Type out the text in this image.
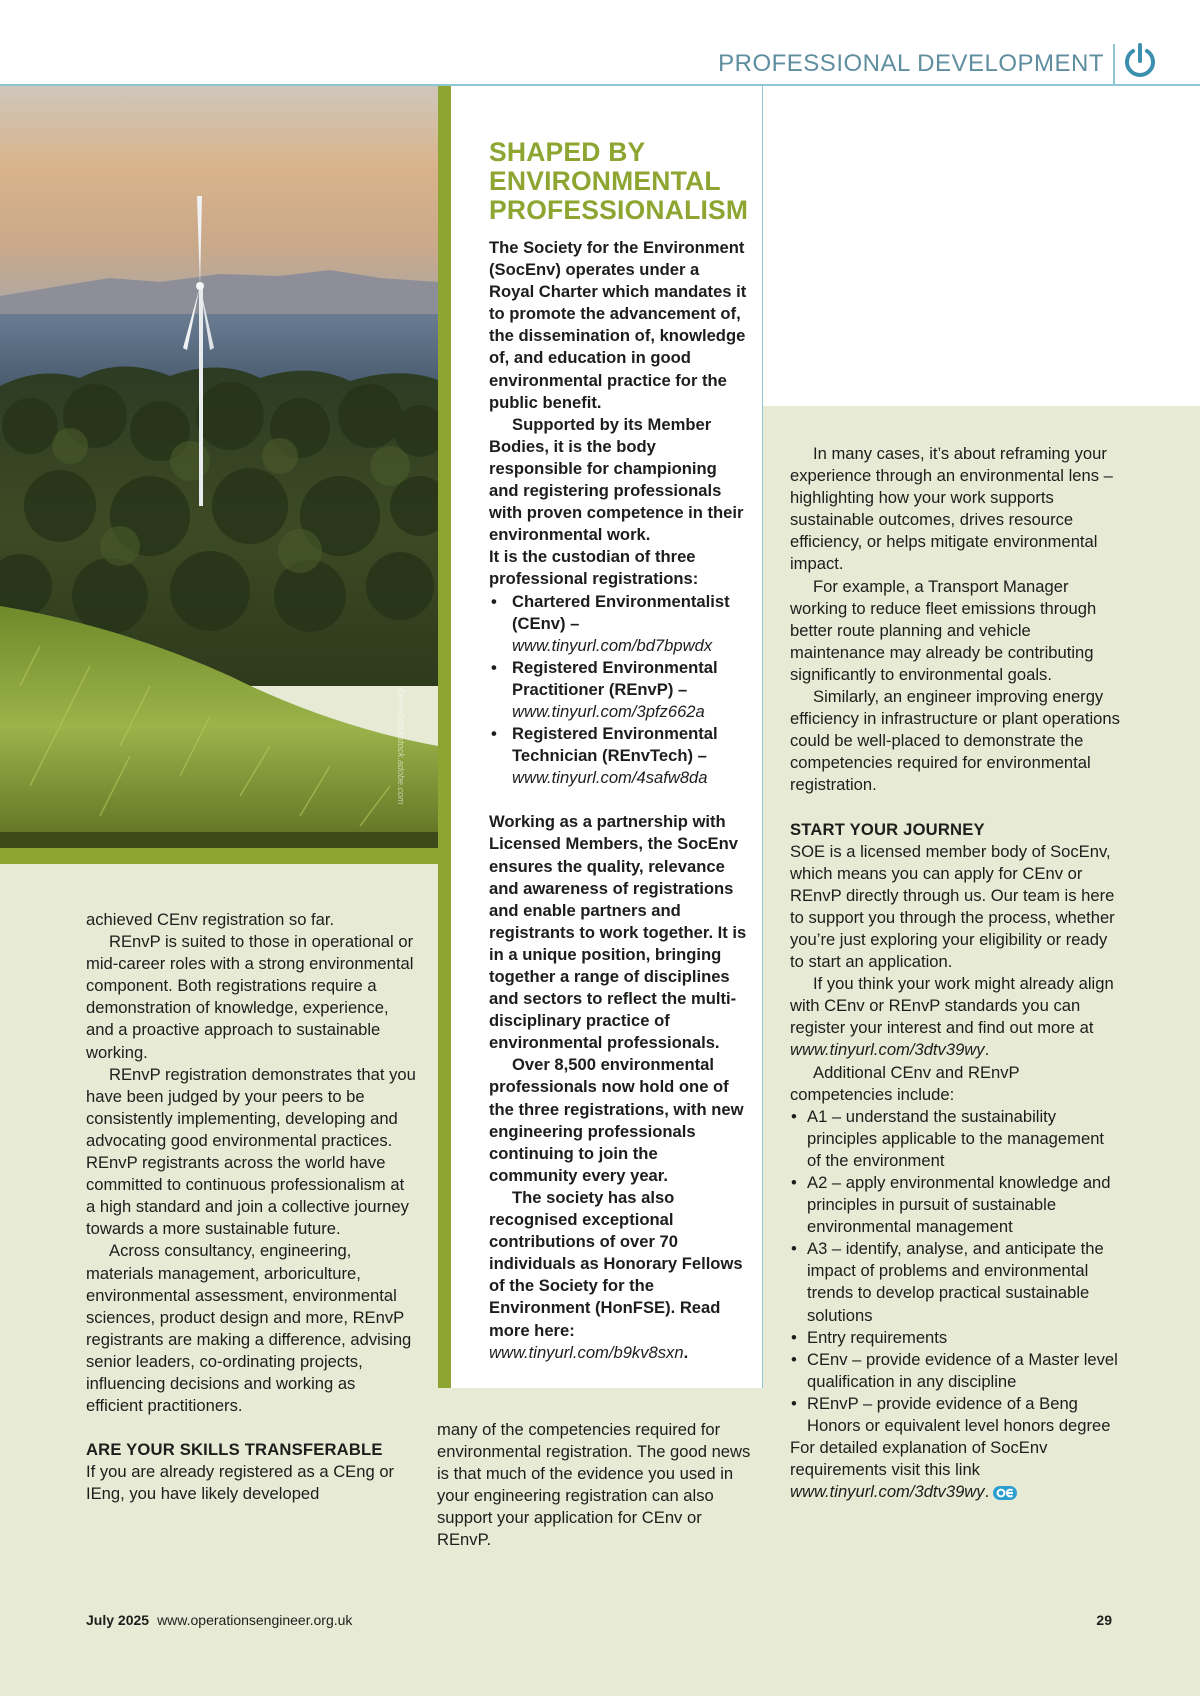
PROFESSIONAL DEVELOPMENT
EmmaStockstock.adobe.com
SHAPED BY
ENVIRONMENTAL
PROFESSIONALISM

The Society for the Environment (SocEnv) operates under a Royal Charter which mandates it to promote the advancement of, the dissemination of, knowledge of, and education in good environmental practice for the public benefit.

Supported by its Member Bodies, it is the body responsible for championing and registering professionals with proven competence in their environmental work.

It is the custodian of three professional registrations:

• Chartered Environmentalist (CEnv) – www.tinyurl.com/bd7bpwdx
• Registered Environmental Practitioner (REnvP) – www.tinyurl.com/3pfz662a
• Registered Environmental Technician (REnvTech) – www.tinyurl.com/4safw8da

Working as a partnership with Licensed Members, the SocEnv ensures the quality, relevance and awareness of registrations and enable partners and registrants to work together. It is in a unique position, bringing together a range of disciplines and sectors to reflect the multi-disciplinary practice of environmental professionals.

Over 8,500 environmental professionals now hold one of the three registrations, with new engineering professionals continuing to join the community every year.

The society has also recognised exceptional contributions of over 70 individuals as Honorary Fellows of the Society for the Environment (HonFSE). Read more here: www.tinyurl.com/b9kv8sxn.

many of the competencies required for environmental registration. The good news is that much of the evidence you used in your engineering registration can also support your application for CEnv or REnvP.

achieved CEnv registration so far.

REnvP is suited to those in operational or mid-career roles with a strong environmental component. Both registrations require a demonstration of knowledge, experience, and a proactive approach to sustainable working.

REnvP registration demonstrates that you have been judged by your peers to be consistently implementing, developing and advocating good environmental practices. REnvP registrants across the world have committed to continuous professionalism at a high standard and join a collective journey towards a more sustainable future.

Across consultancy, engineering, materials management, arboriculture, environmental assessment, environmental sciences, product design and more, REnvP registrants are making a difference, advising senior leaders, co-ordinating projects, influencing decisions and working as efficient practitioners.

ARE YOUR SKILLS TRANSFERABLE

If you are already registered as a CEng or IEng, you have likely developed

In many cases, it’s about reframing your experience through an environmental lens – highlighting how your work supports sustainable outcomes, drives resource efficiency, or helps mitigate environmental impact.

For example, a Transport Manager working to reduce fleet emissions through better route planning and vehicle maintenance may already be contributing significantly to environmental goals.

Similarly, an engineer improving energy efficiency in infrastructure or plant operations could be well-placed to demonstrate the competencies required for environmental registration.

START YOUR JOURNEY

SOE is a licensed member body of SocEnv, which means you can apply for CEnv or REnvP directly through us. Our team is here to support you through the process, whether you’re just exploring your eligibility or ready to start an application.

If you think your work might already align with CEnv or REnvP standards you can register your interest and find out more at www.tinyurl.com/3dtv39wy.

Additional CEnv and REnvP competencies include:

• A1 – understand the sustainability principles applicable to the management of the environment
• A2 – apply environmental knowledge and principles in pursuit of sustainable environmental management
• A3 – identify, analyse, and anticipate the impact of problems and environmental trends to develop practical sustainable solutions
• Entry requirements
• CEnv – provide evidence of a Master level qualification in any discipline
• REnvP – provide evidence of a Beng Honors or equivalent level honors degree

For detailed explanation of SocEnv requirements visit this link www.tinyurl.com/3dtv39wy.

July 2025 www.operationsengineer.org.uk	29
